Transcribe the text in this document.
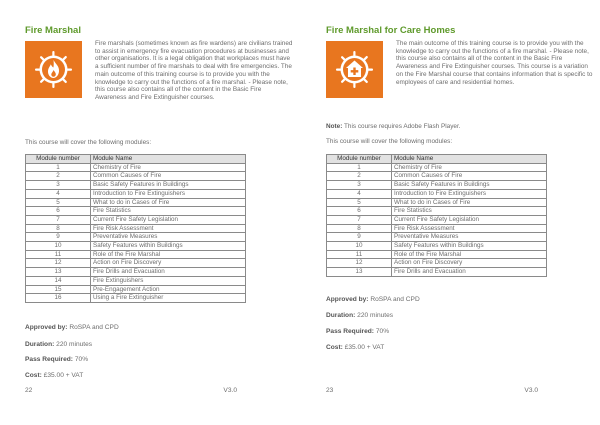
Fire Marshal

Fire marshals (sometimes known as fire wardens) are civilians trained to assist in emergency fire evacuation procedures at businesses and other organisations. It is a legal obligation that workplaces must have a sufficient number of fire marshals to deal with fire emergencies. The main outcome of this training course is to provide you with the knowledge to carry out the functions of a fire marshal. - Please note, this course also contains all of the content in the Basic Fire Awareness and Fire Extinguisher courses.

This course will cover the following modules:
Module number	Module Name
1	Chemistry of Fire
2	Common Causes of Fire
3	Basic Safety Features in Buildings
4	Introduction to Fire Extinguishers
5	What to do in Cases of Fire
6	Fire Statistics
7	Current Fire Safety Legislation
8	Fire Risk Assessment
9	Preventative Measures
10	Safety Features within Buildings
11	Role of the Fire Marshal
12	Action on Fire Discovery
13	Fire Drills and Evacuation
14	Fire Extinguishers
15	Pre-Engagement Action
16	Using a Fire Extinguisher
Approved by: RoSPA and CPD
Duration: 220 minutes
Pass Required: 70%
Cost: £35.00 + VAT
22	V3.0
Fire Marshal for Care Homes

The main outcome of this training course is to provide you with the knowledge to carry out the functions of a fire marshal. - Please note, this course also contains all of the content in the Basic Fire Awareness and Fire Extinguisher courses. This course is a variation on the Fire Marshal course that contains information that is specific to employees of care and residential homes.

Note: This course requires Adobe Flash Player.
This course will cover the following modules:
Module number	Module Name
1	Chemistry of Fire
2	Common Causes of Fire
3	Basic Safety Features in Buildings
4	Introduction to Fire Extinguishers
5	What to do in Cases of Fire
6	Fire Statistics
7	Current Fire Safety Legislation
8	Fire Risk Assessment
9	Preventative Measures
10	Safety Features within Buildings
11	Role of the Fire Marshal
12	Action on Fire Discovery
13	Fire Drills and Evacuation
Approved by: RoSPA and CPD
Duration: 220 minutes
Pass Required: 70%
Cost: £35.00 + VAT
23	V3.0
